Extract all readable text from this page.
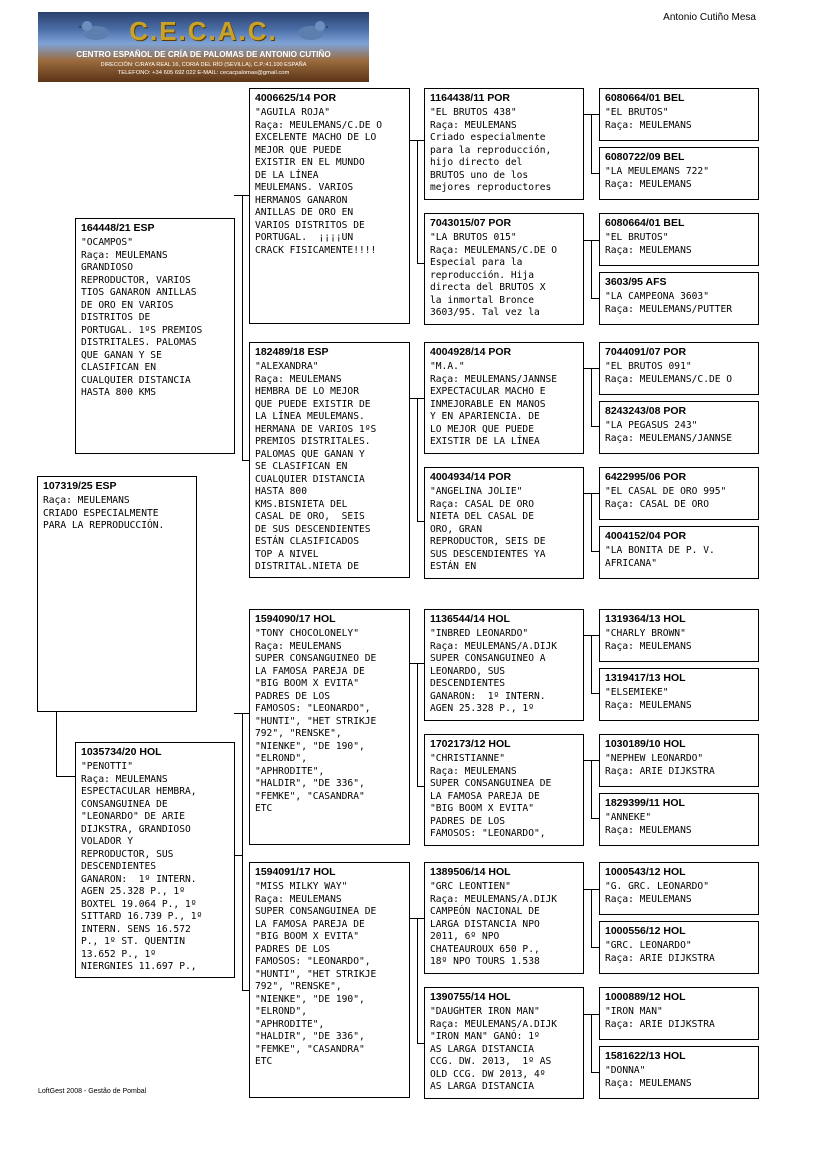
C.E.C.A.C.
CENTRO ESPAÑOL DE CRÍA DE PALOMAS DE ANTONIO CUTIÑO
DIRECCIÓN: C/RAYA REAL 16, CORIA DEL RÍO (SEVILLA), C.P.:41.100 ESPAÑA
TELEFONO: +34 605 692 022 E-MAIL: cecacpalomas@gmail.com
Antonio Cutiño Mesa
107319/25 ESP
Raça: MEULEMANS
CRIADO ESPECIALMENTE
PARA LA REPRODUCCIÓN.
164448/21 ESP
"OCAMPOS"
Raça: MEULEMANS
GRANDIOSO
REPRODUCTOR, VARIOS
TIOS GANARON ANILLAS
DE ORO EN VARIOS
DISTRITOS DE
PORTUGAL. 1ºS PREMIOS
DISTRITALES. PALOMAS
QUE GANAN Y SE
CLASIFICAN EN
CUALQUIER DISTANCIA
HASTA 800 KMS
1035734/20 HOL
"PENOTTI"
Raça: MEULEMANS
ESPECTACULAR HEMBRA,
CONSANGUINEA DE
"LEONARDO" DE ARIE
DIJKSTRA, GRANDIOSO
VOLADOR Y
REPRODUCTOR, SUS
DESCENDIENTES
GANARON:  1º INTERN.
AGEN 25.328 P., 1º
BOXTEL 19.064 P., 1º
SITTARD 16.739 P., 1º
INTERN. SENS 16.572
P., 1º ST. QUENTIN
13.652 P., 1º
NIERGNIES 11.697 P.,
4006625/14 POR
"AGUILA ROJA"
Raça: MEULEMANS/C.DE O
EXCELENTE MACHO DE LO
MEJOR QUE PUEDE
EXISTIR EN EL MUNDO
DE LA LÍNEA
MEULEMANS. VARIOS
HERMANOS GANARON
ANILLAS DE ORO EN
VARIOS DISTRITOS DE
PORTUGAL.  ¡¡¡¡UN
CRACK FISICAMENTE!!!!
182489/18 ESP
"ALEXANDRA"
Raça: MEULEMANS
HEMBRA DE LO MEJOR
QUE PUEDE EXISTIR DE
LA LÍNEA MEULEMANS.
HERMANA DE VARIOS 1ºS
PREMIOS DISTRITALES.
PALOMAS QUE GANAN Y
SE CLASIFICAN EN
CUALQUIER DISTANCIA
HASTA 800
KMS.BISNIETA DEL
CASAL DE ORO,  SEIS
DE SUS DESCENDIENTES
ESTÁN CLASIFICADOS
TOP A NIVEL
DISTRITAL.NIETA DE
1594090/17 HOL
"TONY CHOCOLONELY"
Raça: MEULEMANS
SUPER CONSANGUINEO DE
LA FAMOSA PAREJA DE
"BIG BOOM X EVITA"
PADRES DE LOS
FAMOSOS: "LEONARDO",
"HUNTI", "HET STRIKJE
792", "RENSKE",
"NIENKE", "DE 190",
"ELROND",
"APHRODITE",
"HALDIR", "DE 336",
"FEMKE", "CASANDRA"
ETC
1594091/17 HOL
"MISS MILKY WAY"
Raça: MEULEMANS
SUPER CONSANGUINEA DE
LA FAMOSA PAREJA DE
"BIG BOOM X EVITA"
PADRES DE LOS
FAMOSOS: "LEONARDO",
"HUNTI", "HET STRIKJE
792", "RENSKE",
"NIENKE", "DE 190",
"ELROND",
"APHRODITE",
"HALDIR", "DE 336",
"FEMKE", "CASANDRA"
ETC
1164438/11 POR
"EL BRUTOS 438"
Raça: MEULEMANS
Criado especialmente
para la reproducción,
hijo directo del
BRUTOS uno de los
mejores reproductores
7043015/07 POR
"LA BRUTOS 015"
Raça: MEULEMANS/C.DE O
Especial para la
reproducción. Hija
directa del BRUTOS X
la inmortal Bronce
3603/95. Tal vez la
4004928/14 POR
"M.A."
Raça: MEULEMANS/JANNSE
EXPECTACULAR MACHO E
INMEJORABLE EN MANOS
Y EN APARIENCIA. DE
LO MEJOR QUE PUEDE
EXISTIR DE LA LÍNEA
4004934/14 POR
"ANGELINA JOLIE"
Raça: CASAL DE ORO
NIETA DEL CASAL DE
ORO, GRAN
REPRODUCTOR, SEIS DE
SUS DESCENDIENTES YA
ESTÁN EN
1136544/14 HOL
"INBRED LEONARDO"
Raça: MEULEMANS/A.DIJK
SUPER CONSANGUINEO A
LEONARDO, SUS
DESCENDIENTES
GANARON:  1º INTERN.
AGEN 25.328 P., 1º
1702173/12 HOL
"CHRISTIANNE"
Raça: MEULEMANS
SUPER CONSANGUINEA DE
LA FAMOSA PAREJA DE
"BIG BOOM X EVITA"
PADRES DE LOS
FAMOSOS: "LEONARDO",
1389506/14 HOL
"GRC LEONTIEN"
Raça: MEULEMANS/A.DIJK
CAMPEÓN NACIONAL DE
LARGA DISTANCIA NPO
2011, 6º NPO
CHATEAUROUX 650 P.,
18º NPO TOURS 1.538
1390755/14 HOL
"DAUGHTER IRON MAN"
Raça: MEULEMANS/A.DIJK
"IRON MAN" GANÓ: 1º
AS LARGA DISTANCIA
CCG. DW. 2013,  1º AS
OLD CCG. DW 2013, 4º
AS LARGA DISTANCIA
6080664/01 BEL
"EL BRUTOS"
Raça: MEULEMANS
6080722/09 BEL
"LA MEULEMANS 722"
Raça: MEULEMANS
6080664/01 BEL
"EL BRUTOS"
Raça: MEULEMANS
3603/95 AFS
"LA CAMPEONA 3603"
Raça: MEULEMANS/PUTTER
7044091/07 POR
"EL BRUTOS 091"
Raça: MEULEMANS/C.DE O
8243243/08 POR
"LA PEGASUS 243"
Raça: MEULEMANS/JANNSE
6422995/06 POR
"EL CASAL DE ORO 995"
Raça: CASAL DE ORO
4004152/04 POR
"LA BONITA DE P. V.
AFRICANA"
1319364/13 HOL
"CHARLY BROWN"
Raça: MEULEMANS
1319417/13 HOL
"ELSEMIEKE"
Raça: MEULEMANS
1030189/10 HOL
"NEPHEW LEONARDO"
Raça: ARIE DIJKSTRA
1829399/11 HOL
"ANNEKE"
Raça: MEULEMANS
1000543/12 HOL
"G. GRC. LEONARDO"
Raça: MEULEMANS
1000556/12 HOL
"GRC. LEONARDO"
Raça: ARIE DIJKSTRA
1000889/12 HOL
"IRON MAN"
Raça: ARIE DIJKSTRA
1581622/13 HOL
"DONNA"
Raça: MEULEMANS
LoftGest 2008 - Gestão de Pombal
